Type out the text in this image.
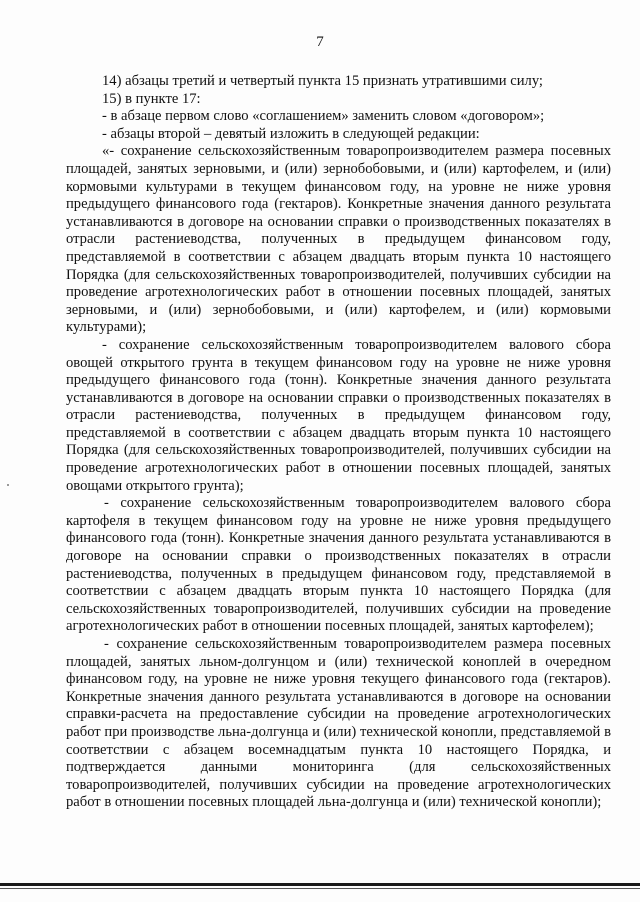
7

14) абзацы третий и четвертый пункта 15 признать утратившими силу;

15) в пункте 17:

- в абзаце первом слово «соглашением» заменить словом «договором»;

- абзацы второй – девятый изложить в следующей редакции:

«- сохранение сельскохозяйственным товаропроизводителем размера посевных площадей, занятых зерновыми, и (или) зернобобовыми, и (или) картофелем, и (или) кормовыми культурами в текущем финансовом году, на уровне не ниже уровня предыдущего финансового года (гектаров). Конкретные значения данного результата устанавливаются в договоре на основании справки о производственных показателях в отрасли растениеводства, полученных в предыдущем финансовом году, представляемой в соответствии с абзацем двадцать вторым пункта 10 настоящего Порядка (для сельскохозяйственных товаропроизводителей, получивших субсидии на проведение агротехнологических работ в отношении посевных площадей, занятых зерновыми, и (или) зернобобовыми, и (или) картофелем, и (или) кормовыми культурами);

- сохранение сельскохозяйственным товаропроизводителем валового сбора овощей открытого грунта в текущем финансовом году на уровне не ниже уровня предыдущего финансового года (тонн). Конкретные значения данного результата устанавливаются в договоре на основании справки о производственных показателях в отрасли растениеводства, полученных в предыдущем финансовом году, представляемой в соответствии с абзацем двадцать вторым пункта 10 настоящего Порядка (для сельскохозяйственных товаропроизводителей, получивших субсидии на проведение агротехнологических работ в отношении посевных площадей, занятых овощами открытого грунта);

- сохранение сельскохозяйственным товаропроизводителем валового сбора картофеля в текущем финансовом году на уровне не ниже уровня предыдущего финансового года (тонн). Конкретные значения данного результата устанавливаются в договоре на основании справки о производственных показателях в отрасли растениеводства, полученных в предыдущем финансовом году, представляемой в соответствии с абзацем двадцать вторым пункта 10 настоящего Порядка (для сельскохозяйственных товаропроизводителей, получивших субсидии на проведение агротехнологических работ в отношении посевных площадей, занятых картофелем);

- сохранение сельскохозяйственным товаропроизводителем размера посевных площадей, занятых льном-долгунцом и (или) технической коноплей в очередном финансовом году, на уровне не ниже уровня текущего финансового года (гектаров). Конкретные значения данного результата устанавливаются в договоре на основании справки-расчета на предоставление субсидии на проведение агротехнологических работ при производстве льна-долгунца и (или) технической конопли, представляемой в соответствии с абзацем восемнадцатым пункта 10 настоящего Порядка, и подтверждается данными мониторинга (для сельскохозяйственных товаропроизводителей, получивших субсидии на проведение агротехнологических работ в отношении посевных площадей льна-долгунца и (или) технической конопли);
